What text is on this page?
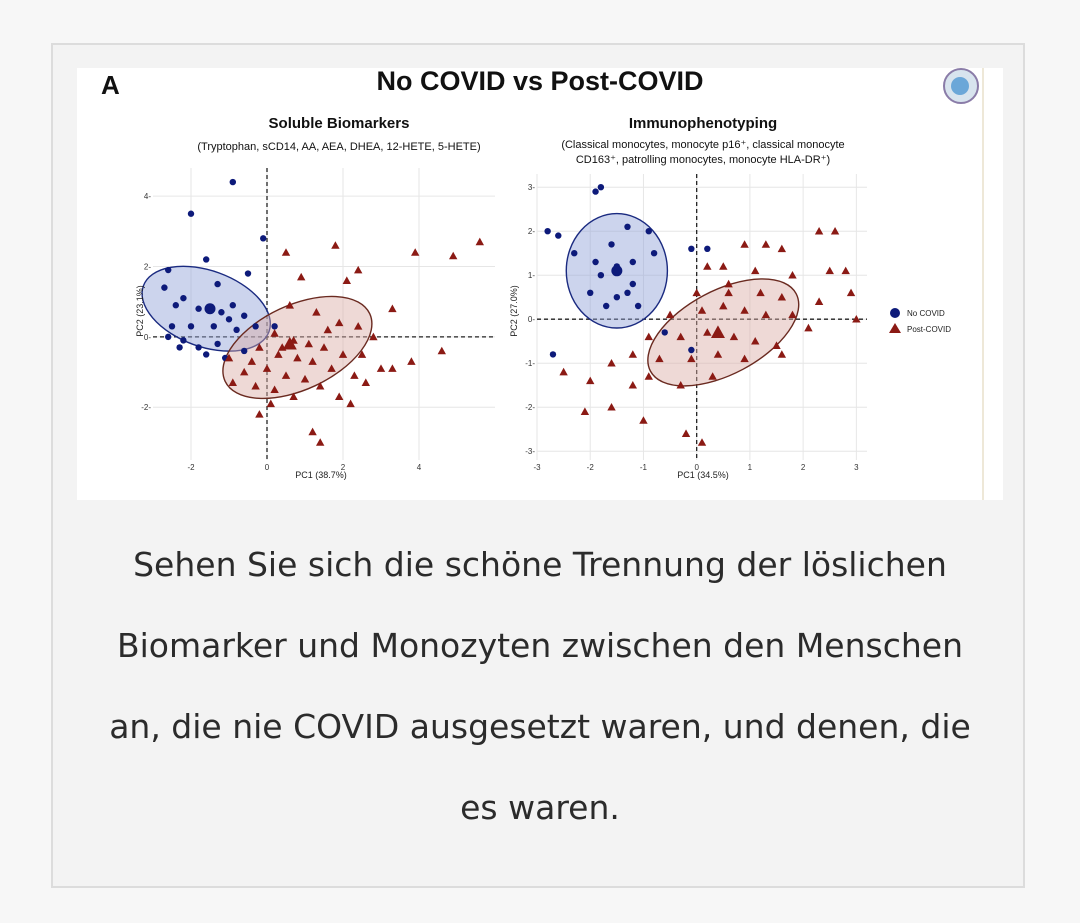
A	No COVID vs Post-COVID
Soluble Biomarkers
(Tryptophan, sCD14, AA, AEA, DHEA, 12-HETE, 5-HETE)
-2	0	2	4
-2-
0-
2-
4-
PC1 (38.7%)
PC2 (23.1%)
Immunophenotyping
(Classical monocytes, monocyte p16⁺, classical monocyte
CD163⁺, patrolling monocytes, monocyte HLA-DR⁺)
-3	-2	-1	0	1	2	3
-3-
-2-
-1-
0-
1-
2-
3-
PC1 (34.5%)
PC2 (27.0%)	No COVID
Post-COVID
Sehen Sie sich die schöne Trennung der löslichen Biomarker und Monozyten zwischen den Menschen an, die nie COVID ausgesetzt waren, und denen, die es waren.
